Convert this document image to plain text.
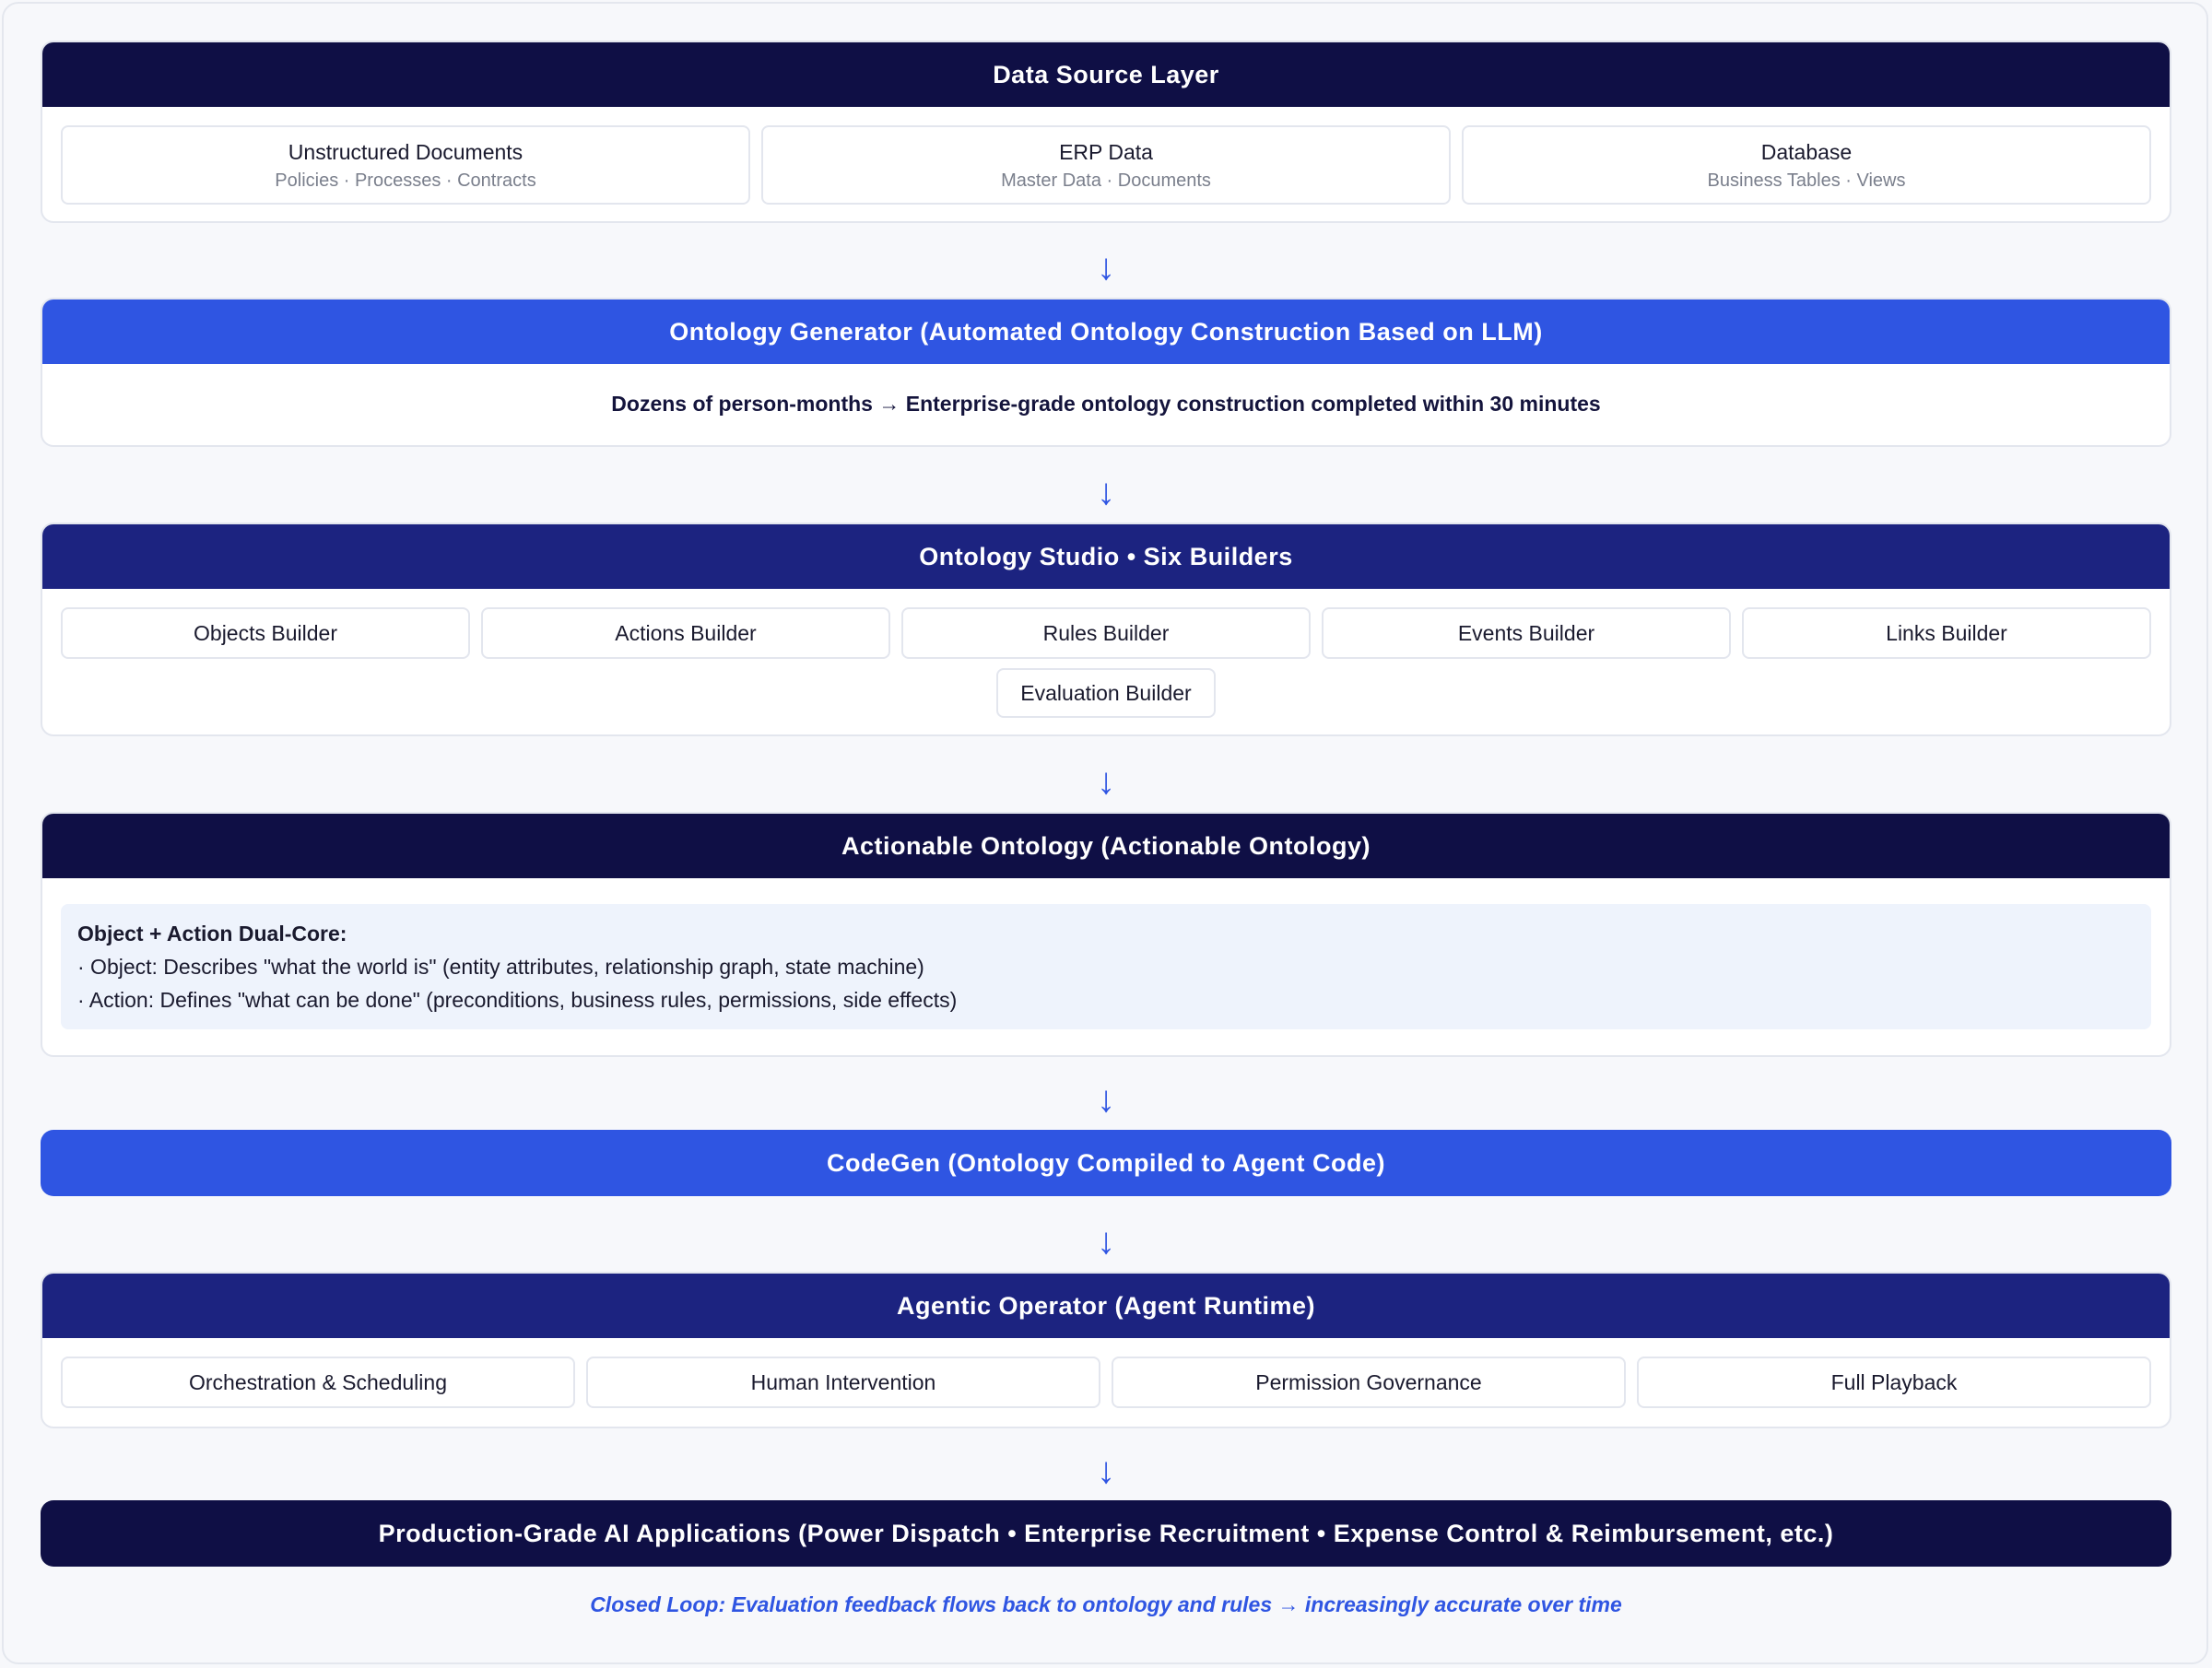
Data Source Layer
Unstructured Documents
Policies · Processes · Contracts
ERP Data
Master Data · Documents
Database
Business Tables · Views
↓
Ontology Generator (Automated Ontology Construction Based on LLM)
Dozens of person-months → Enterprise-grade ontology construction completed within 30 minutes
↓
Ontology Studio • Six Builders
Objects Builder	Actions Builder	Rules Builder	Events Builder	Links Builder
Evaluation Builder
↓
Actionable Ontology (Actionable Ontology)
Object + Action Dual-Core:
· Object: Describes "what the world is" (entity attributes, relationship graph, state machine)
· Action: Defines "what can be done" (preconditions, business rules, permissions, side effects)
↓
CodeGen (Ontology Compiled to Agent Code)
↓
Agentic Operator (Agent Runtime)
Orchestration & Scheduling	Human Intervention	Permission Governance	Full Playback
↓
Production-Grade AI Applications (Power Dispatch • Enterprise Recruitment • Expense Control & Reimbursement, etc.)
Closed Loop: Evaluation feedback flows back to ontology and rules → increasingly accurate over time
